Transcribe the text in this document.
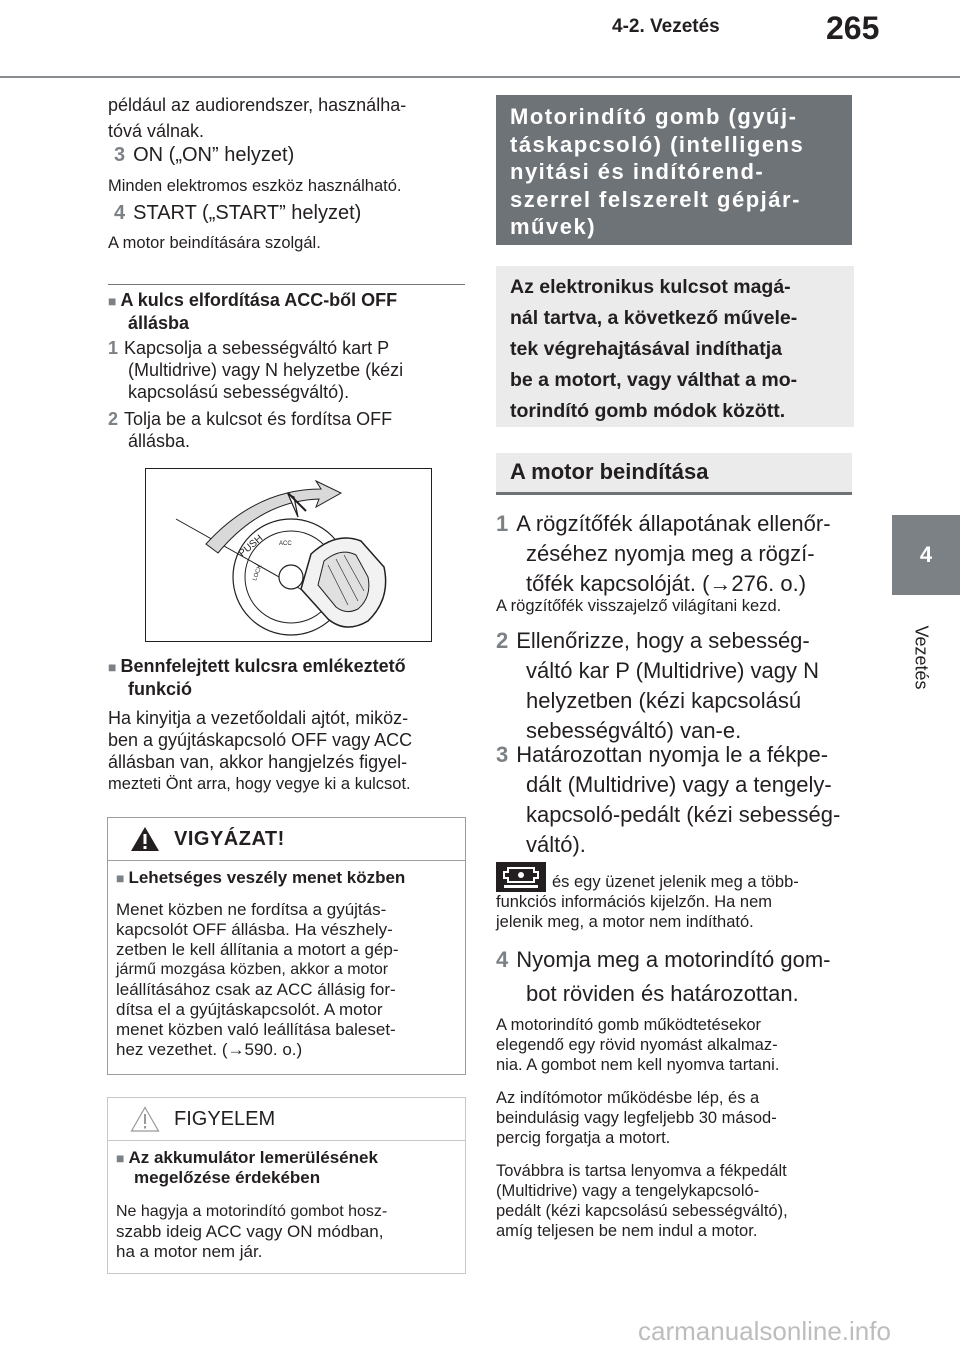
4-2. Vezetés	265
4
Vezetés
például az audiorendszer, használha-
tóvá válnak.
3 ON („ON” helyzet)
Minden elektromos eszköz használható.
4 START („START” helyzet)
A motor beindítására szolgál.
■ A kulcs elfordítása ACC-ből OFF
állásba
1 Kapcsolja a sebességváltó kart P
(Multidrive) vagy N helyzetbe (kézi
kapcsolású sebességváltó).
2 Tolja be a kulcsot és fordítsa OFF
állásba.
PUSH ACC
LOCK
■ Bennfelejtett kulcsra emlékeztető
funkció
Ha kinyitja a vezetőoldali ajtót, miköz-
ben a gyújtáskapcsoló OFF vagy ACC
állásban van, akkor hangjelzés figyel-
mezteti Önt arra, hogy vegye ki a kulcsot.
VIGYÁZAT!
■ Lehetséges veszély menet közben
Menet közben ne fordítsa a gyújtás-
kapcsolót OFF állásba. Ha vészhely-
zetben le kell állítania a motort a gép-
jármű mozgása közben, akkor a motor
leállításához csak az ACC állásig for-
dítsa el a gyújtáskapcsolót. A motor
menet közben való leállítása baleset-
hez vezethet. (→590. o.)
FIGYELEM
■ Az akkumulátor lemerülésének
megelőzése érdekében
Ne hagyja a motorindító gombot hosz-
szabb ideig ACC vagy ON módban,
ha a motor nem jár.
Motorindító gomb (gyúj-
táskapcsoló) (intelligens
nyitási és indítórend-
szerrel felszerelt gépjár-
művek)
Az elektronikus kulcsot magá-
nál tartva, a következő művele-
tek végrehajtásával indíthatja
be a motort, vagy válthat a mo-
torindító gomb módok között.
A motor beindítása
1 A rögzítőfék állapotának ellenőr-
zéséhez nyomja meg a rögzí-
tőfék kapcsolóját. (→276. o.)
A rögzítőfék visszajelző világítani kezd.
2 Ellenőrizze, hogy a sebesség-
váltó kar P (Multidrive) vagy N
helyzetben (kézi kapcsolású
sebességváltó) van-e.
3 Határozottan nyomja le a fékpe-
dált (Multidrive) vagy a tengely-
kapcsoló-pedált (kézi sebesség-
váltó).
és egy üzenet jelenik meg a több-
funkciós információs kijelzőn. Ha nem
jelenik meg, a motor nem indítható.
4 Nyomja meg a motorindító gom-
bot röviden és határozottan.
A motorindító gomb működtetésekor
elegendő egy rövid nyomást alkalmaz-
nia. A gombot nem kell nyomva tartani.
Az indítómotor működésbe lép, és a
beindulásig vagy legfeljebb 30 másod-
percig forgatja a motort.
Továbbra is tartsa lenyomva a fékpedált
(Multidrive) vagy a tengelykapcsoló-
pedált (kézi kapcsolású sebességváltó),
amíg teljesen be nem indul a motor.
carmanualsonline.info
